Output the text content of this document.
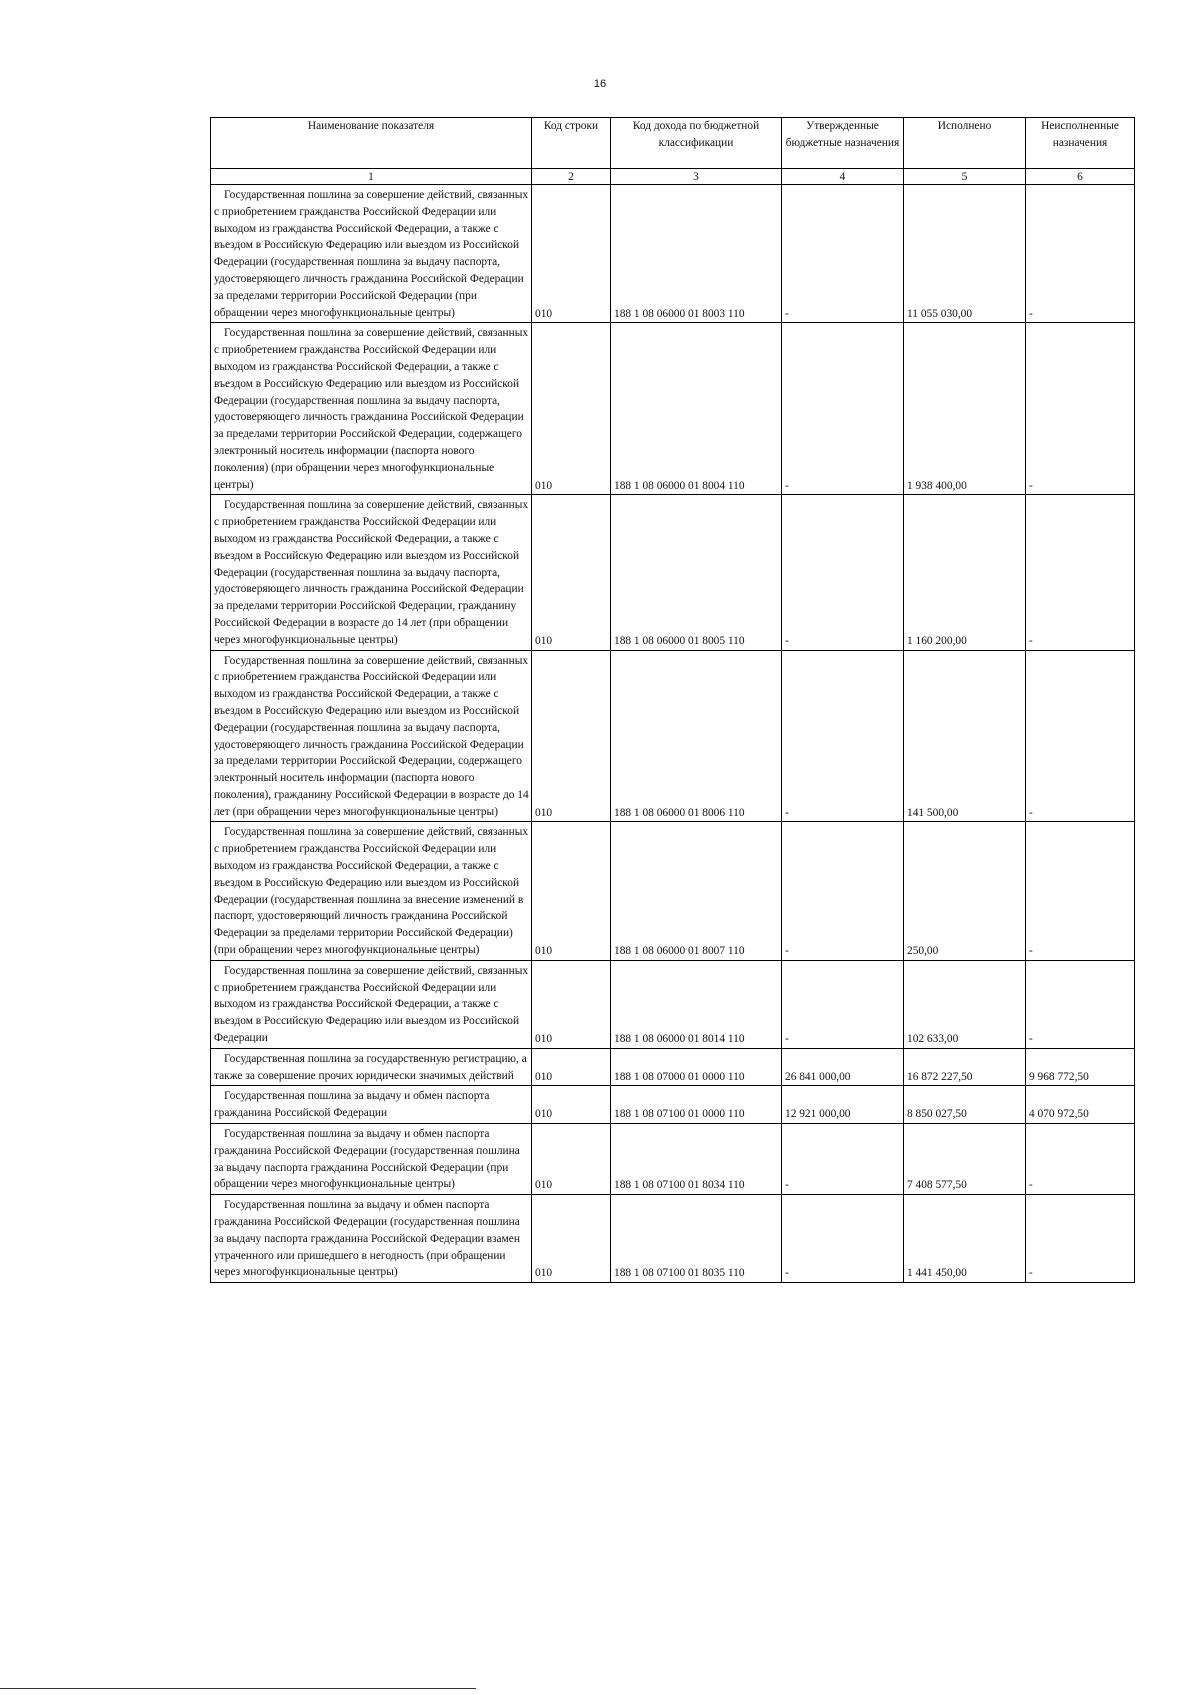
16
Наименование показателя	Код строки	Код дохода по бюджетной классификации	Утвержденные бюджетные назначения	Исполнено	Неисполненные назначения
1	2	3	4	5	6

Государственная пошлина за совершение действий, связанных с приобретением гражданства Российской Федерации или выходом из гражданства Российской Федерации, а также с въездом в Российскую Федерацию или выездом из Российской Федерации (государственная пошлина за выдачу паспорта, удостоверяющего личность гражданина Российской Федерации за пределами территории Российской Федерации (при обращении через многофункциональные центры)	010	188 1 08 06000 01 8003 110	-	11 055 030,00	-

Государственная пошлина за совершение действий, связанных с приобретением гражданства Российской Федерации или выходом из гражданства Российской Федерации, а также с въездом в Российскую Федерацию или выездом из Российской Федерации (государственная пошлина за выдачу паспорта, удостоверяющего личность гражданина Российской Федерации за пределами территории Российской Федерации, содержащего электронный носитель информации (паспорта нового поколения) (при обращении через многофункциональные центры)	010	188 1 08 06000 01 8004 110	-	1 938 400,00	-

Государственная пошлина за совершение действий, связанных с приобретением гражданства Российской Федерации или выходом из гражданства Российской Федерации, а также с въездом в Российскую Федерацию или выездом из Российской Федерации (государственная пошлина за выдачу паспорта, удостоверяющего личность гражданина Российской Федерации за пределами территории Российской Федерации, гражданину Российской Федерации в возрасте до 14 лет (при обращении через многофункциональные центры)	010	188 1 08 06000 01 8005 110	-	1 160 200,00	-

Государственная пошлина за совершение действий, связанных с приобретением гражданства Российской Федерации или выходом из гражданства Российской Федерации, а также с въездом в Российскую Федерацию или выездом из Российской Федерации (государственная пошлина за выдачу паспорта, удостоверяющего личность гражданина Российской Федерации за пределами территории Российской Федерации, содержащего электронный носитель информации (паспорта нового поколения), гражданину Российской Федерации в возрасте до 14 лет (при обращении через многофункциональные центры)	010	188 1 08 06000 01 8006 110	-	141 500,00	-

Государственная пошлина за совершение действий, связанных с приобретением гражданства Российской Федерации или выходом из гражданства Российской Федерации, а также с въездом в Российскую Федерацию или выездом из Российской Федерации (государственная пошлина за внесение изменений в паспорт, удостоверяющий личность гражданина Российской Федерации за пределами территории Российской Федерации) (при обращении через многофункциональные центры)	010	188 1 08 06000 01 8007 110	-	250,00	-

Государственная пошлина за совершение действий, связанных с приобретением гражданства Российской Федерации или выходом из гражданства Российской Федерации, а также с въездом в Российскую Федерацию или выездом из Российской Федерации	010	188 1 08 06000 01 8014 110	-	102 633,00	-

Государственная пошлина за государственную регистрацию, а также за совершение прочих юридически значимых действий	010	188 1 08 07000 01 0000 110	26 841 000,00	16 872 227,50	9 968 772,50

Государственная пошлина за выдачу и обмен паспорта гражданина Российской Федерации	010	188 1 08 07100 01 0000 110	12 921 000,00	8 850 027,50	4 070 972,50

Государственная пошлина за выдачу и обмен паспорта гражданина Российской Федерации (государственная пошлина за выдачу паспорта гражданина Российской Федерации (при обращении через многофункциональные центры)	010	188 1 08 07100 01 8034 110	-	7 408 577,50	-

Государственная пошлина за выдачу и обмен паспорта гражданина Российской Федерации (государственная пошлина за выдачу паспорта гражданина Российской Федерации взамен утраченного или пришедшего в негодность (при обращении через многофункциональные центры)	010	188 1 08 07100 01 8035 110	-	1 441 450,00	-
